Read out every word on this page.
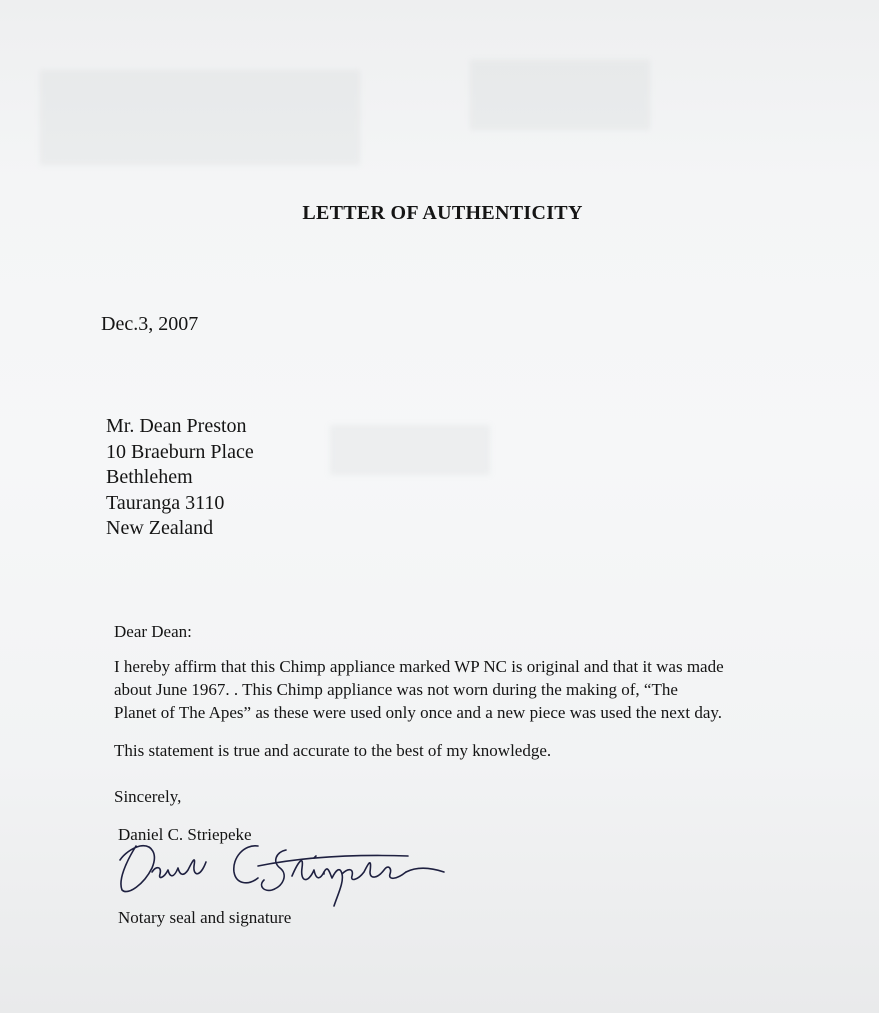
LETTER OF AUTHENTICITY
Dec.3, 2007
Mr. Dean Preston
10 Braeburn Place
Bethlehem
Tauranga 3110
New Zealand
Dear Dean:
I hereby affirm that this Chimp appliance marked WP NC is original and that it was made
about June 1967. . This Chimp appliance was not worn during the making of, “The
Planet of The Apes” as these were used only once and a new piece was used the next day.
This statement is true and accurate to the best of my knowledge.
Sincerely,
Daniel C. Striepeke
Notary seal and signature
